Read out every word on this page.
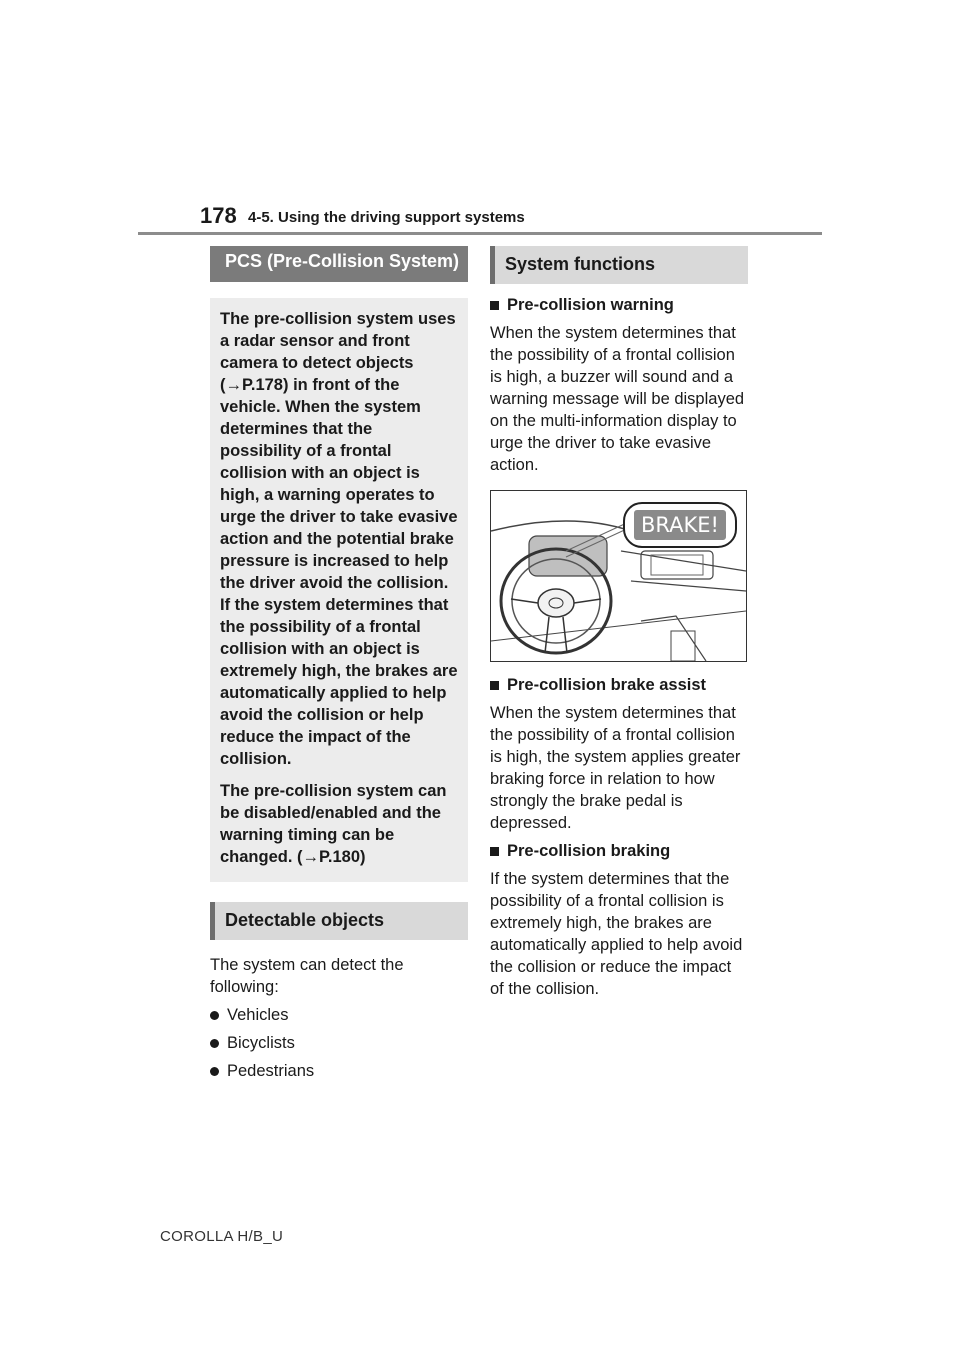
178 4-5. Using the driving support systems
PCS (Pre-Collision System)

The pre-collision system uses a radar sensor and front camera to detect objects (→P.178) in front of the vehicle. When the system determines that the possibility of a frontal collision with an object is high, a warning operates to urge the driver to take evasive action and the potential brake pressure is increased to help the driver avoid the collision. If the system determines that the possibility of a frontal collision with an object is extremely high, the brakes are automatically applied to help avoid the collision or help reduce the impact of the collision.

The pre-collision system can be disabled/enabled and the warning timing can be changed. (→P.180)

Detectable objects

The system can detect the following:

Vehicles
Bicyclists
Pedestrians
System functions

Pre-collision warning

When the system determines that the possibility of a frontal collision is high, a buzzer will sound and a warning message will be displayed on the multi-information display to urge the driver to take evasive action.

BRAKE!

Pre-collision brake assist

When the system determines that the possibility of a frontal collision is high, the system applies greater braking force in relation to how strongly the brake pedal is depressed.

Pre-collision braking

If the system determines that the possibility of a frontal collision is extremely high, the brakes are automatically applied to help avoid the collision or reduce the impact of the collision.

COROLLA H/B_U
